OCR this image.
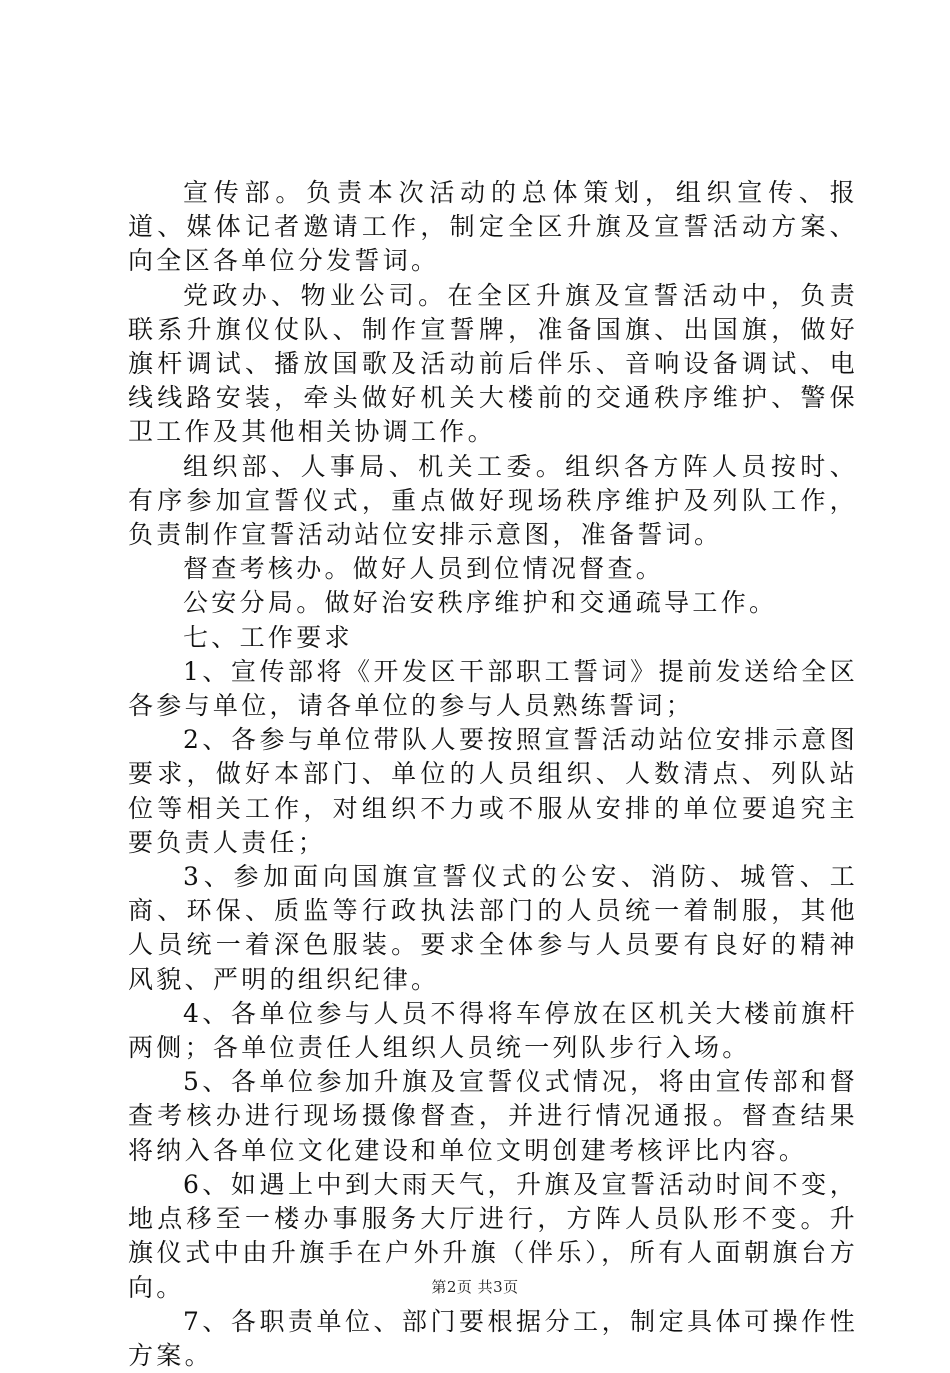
宣传部。负责本次活动的总体策划，组织宣传、报道、媒体记者邀请工作，制定全区升旗及宣誓活动方案、向全区各单位分发誓词。

党政办、物业公司。在全区升旗及宣誓活动中，负责联系升旗仪仗队、制作宣誓牌，准备国旗、出国旗，做好旗杆调试、播放国歌及活动前后伴乐、音响设备调试、电线线路安装，牵头做好机关大楼前的交通秩序维护、警保卫工作及其他相关协调工作。

组织部、人事局、机关工委。组织各方阵人员按时、有序参加宣誓仪式，重点做好现场秩序维护及列队工作，负责制作宣誓活动站位安排示意图，准备誓词。

督查考核办。做好人员到位情况督查。

公安分局。做好治安秩序维护和交通疏导工作。

七、工作要求

1、宣传部将《开发区干部职工誓词》提前发送给全区各参与单位，请各单位的参与人员熟练誓词；

2、各参与单位带队人要按照宣誓活动站位安排示意图要求，做好本部门、单位的人员组织、人数清点、列队站位等相关工作，对组织不力或不服从安排的单位要追究主要负责人责任；

3、参加面向国旗宣誓仪式的公安、消防、城管、工商、环保、质监等行政执法部门的人员统一着制服，其他人员统一着深色服装。要求全体参与人员要有良好的精神风貌、严明的组织纪律。

4、各单位参与人员不得将车停放在区机关大楼前旗杆两侧；各单位责任人组织人员统一列队步行入场。

5、各单位参加升旗及宣誓仪式情况，将由宣传部和督查考核办进行现场摄像督查，并进行情况通报。督查结果将纳入各单位文化建设和单位文明创建考核评比内容。

6、如遇上中到大雨天气，升旗及宣誓活动时间不变，地点移至一楼办事服务大厅进行，方阵人员队形不变。升旗仪式中由升旗手在户外升旗（伴乐），所有人面朝旗台方向。

7、各职责单位、部门要根据分工，制定具体可操作性方案。

第2页 共3页
